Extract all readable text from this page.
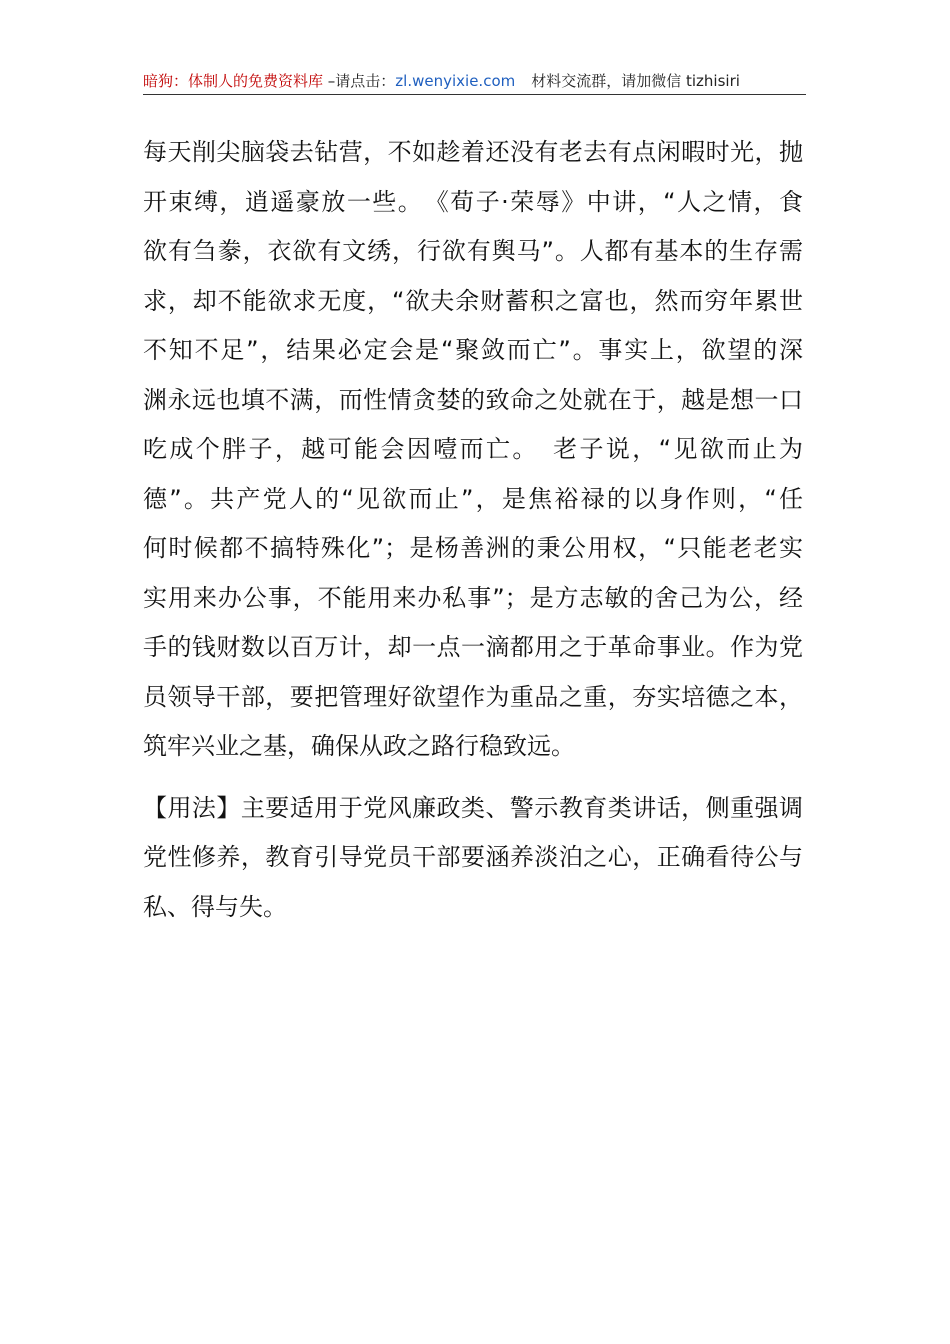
暗狗：体制人的免费资料库 –请点击：zl.wenyixie.com 材料交流群，请加微信 tizhisiri
每天削尖脑袋去钻营，不如趁着还没有老去有点闲暇时光，抛
开束缚，逍遥豪放一些。　《荀子·荣辱》中讲，“人之情，食
欲有刍豢，衣欲有文绣，行欲有舆马”。人都有基本的生存需
求，却不能欲求无度，“欲夫余财蓄积之富也，然而穷年累世
不知不足”，结果必定会是“聚敛而亡”。事实上，欲望的深
渊永远也填不满，而性情贪婪的致命之处就在于，越是想一口
吃成个胖子，越可能会因噎而亡。　老子说，“见欲而止为
德”。共产党人的“见欲而止”，是焦裕禄的以身作则，“任
何时候都不搞特殊化”；是杨善洲的秉公用权，“只能老老实
实用来办公事，不能用来办私事”；是方志敏的舍己为公，经
手的钱财数以百万计，却一点一滴都用之于革命事业。作为党
员领导干部，要把管理好欲望作为重品之重，夯实培德之本，
筑牢兴业之基，确保从政之路行稳致远。
【用法】主要适用于党风廉政类、警示教育类讲话，侧重强调
党性修养，教育引导党员干部要涵养淡泊之心，正确看待公与
私、得与失。
